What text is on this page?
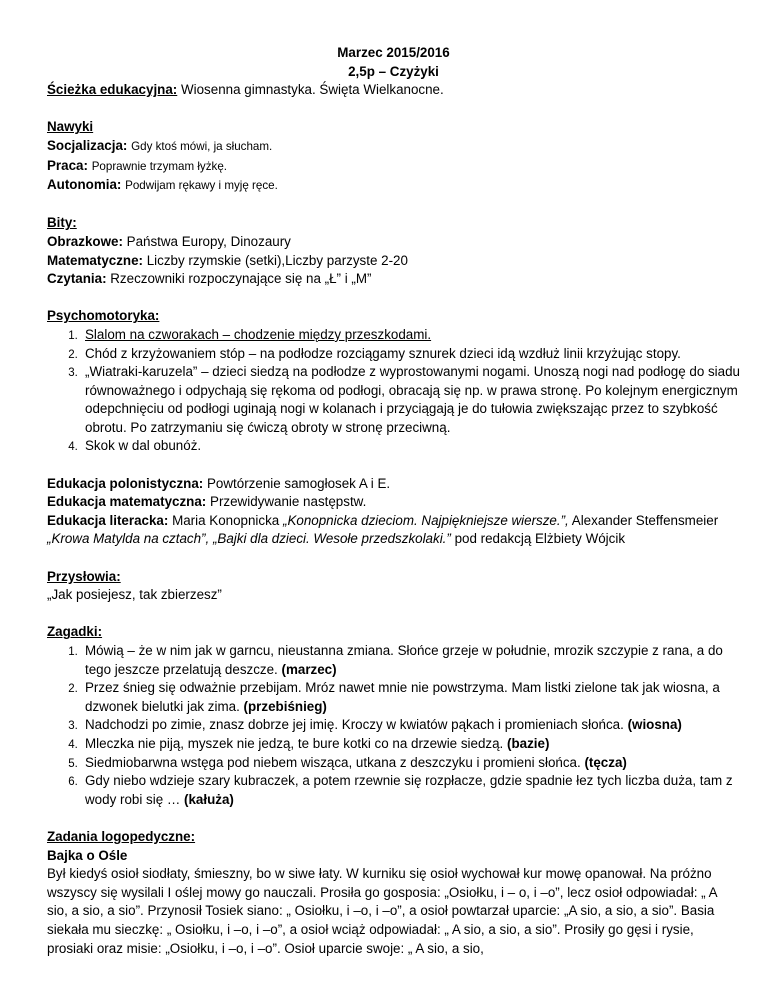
Marzec 2015/2016

2,5p – Czyżyki

Ścieżka edukacyjna: Wiosenna gimnastyka. Święta Wielkanocne.

Nawyki

Socjalizacja: Gdy ktoś mówi, ja słucham.

Praca: Poprawnie trzymam łyżkę.

Autonomia: Podwijam rękawy i myję ręce.

Bity:

Obrazkowe: Państwa Europy, Dinozaury

Matematyczne: Liczby rzymskie (setki),Liczby parzyste 2-20

Czytania: Rzeczowniki rozpoczynające się na „Ł” i „M”

Psychomotoryka:

1. Slalom na czworakach – chodzenie między przeszkodami.
2. Chód z krzyżowaniem stóp – na podłodze rozciągamy sznurek dzieci idą wzdłuż linii krzyżując stopy.
3. „Wiatraki-karuzela” – dzieci siedzą na podłodze z wyprostowanymi nogami. Unoszą nogi nad podłogę do siadu równoważnego i odpychają się rękoma od podłogi, obracają się np. w prawa stronę. Po kolejnym energicznym odepchnięciu od podłogi uginają nogi w kolanach i przyciągają je do tułowia zwiększając przez to szybkość obrotu. Po zatrzymaniu się ćwiczą obroty w stronę przeciwną.
4. Skok w dal obunóż.

Edukacja polonistyczna: Powtórzenie samogłosek A i E.

Edukacja matematyczna: Przewidywanie następstw.

Edukacja literacka: Maria Konopnicka „Konopnicka dzieciom. Najpiękniejsze wiersze.”, Alexander Steffensmeier „Krowa Matylda na cztach”, „Bajki dla dzieci. Wesołe przedszkolaki.” pod redakcją Elżbiety Wójcik

Przysłowia:

„Jak posiejesz, tak zbierzesz”

Zagadki:

1. Mówią – że w nim jak w garncu, nieustanna zmiana. Słońce grzeje w południe, mrozik szczypie z rana, a do tego jeszcze przelatują deszcze. (marzec)
2. Przez śnieg się odważnie przebijam. Mróz nawet mnie nie powstrzyma. Mam listki zielone tak jak wiosna, a dzwonek bielutki jak zima. (przebiśnieg)
3. Nadchodzi po zimie, znasz dobrze jej imię. Kroczy w kwiatów pąkach i promieniach słońca. (wiosna)
4. Mleczka nie piją, myszek nie jedzą, te bure kotki co na drzewie siedzą. (bazie)
5. Siedmiobarwna wstęga pod niebem wisząca, utkana z deszczyku i promieni słońca. (tęcza)
6. Gdy niebo wdzieje szary kubraczek, a potem rzewnie się rozpłacze, gdzie spadnie łez tych liczba duża, tam z wody robi się … (kałuża)

Zadania logopedyczne:

Bajka o Ośle

Był kiedyś osioł siodłaty, śmieszny, bo w siwe łaty. W kurniku się osioł wychował kur mowę opanował. Na próżno wszyscy się wysilali I oślej mowy go nauczali. Prosiła go gosposia: „Osiołku, i – o, i –o”, lecz osioł odpowiadał: „ A sio, a sio, a sio”. Przynosił Tosiek siano: „ Osiołku, i –o, i –o”, a osioł powtarzał uparcie: „A sio, a sio, a sio”. Basia siekała mu sieczkę: „ Osiołku, i –o, i –o”, a osioł wciąż odpowiadał: „ A sio, a sio, a sio”. Prosiły go gęsi i rysie, prosiaki oraz misie: „Osiołku, i –o, i –o”. Osioł uparcie swoje: „ A sio, a sio,
